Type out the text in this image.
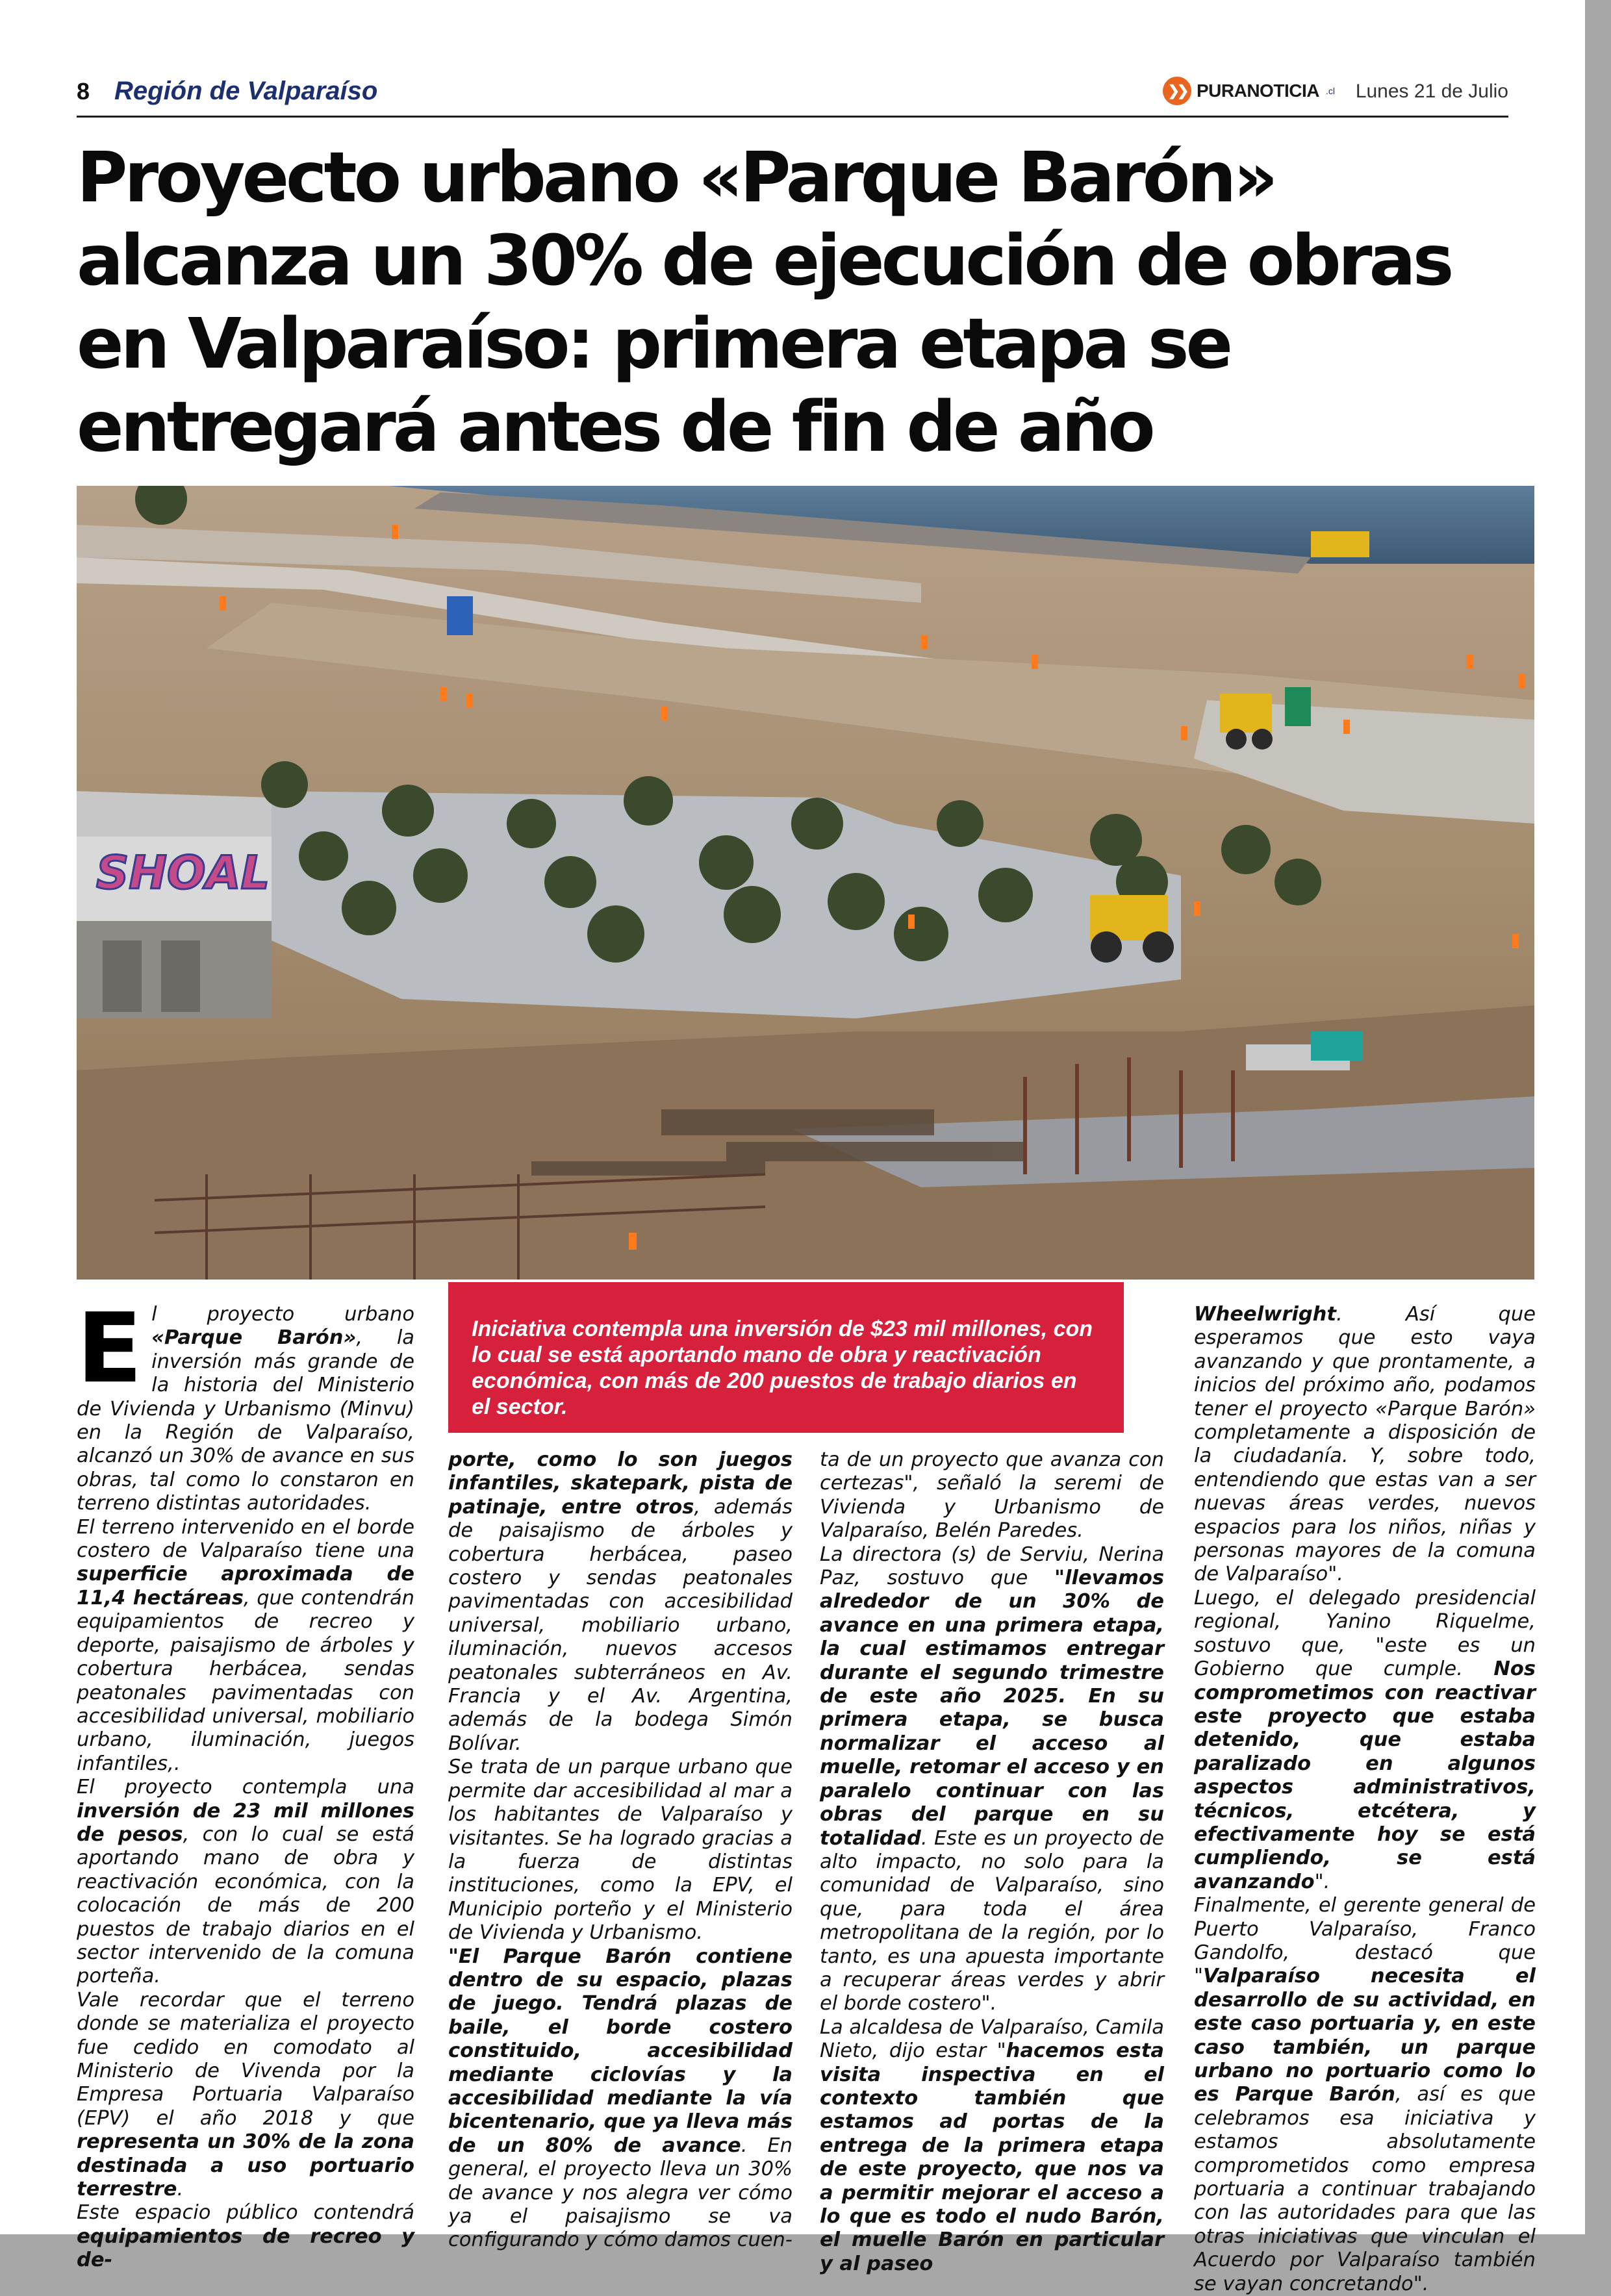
8 Región de Valparaíso	❯❯ PURANOTICIA .cl Lunes 21 de Julio
Proyecto urbano «Parque Barón» alcanza un 30% de ejecución de obras en Valparaíso: primera etapa se entregará antes de fin de año
SHOAL
E l proyecto urbano «Parque Barón», la inversión más grande de la historia del Ministerio de Vivienda y Urbanismo (Minvu) en la Región de Valparaíso, alcanzó un 30% de avance en sus obras, tal como lo constaron en terreno distintas autoridades.

El terreno intervenido en el borde costero de Valparaíso tiene una superficie aproximada de 11,4 hectáreas, que contendrán equipamientos de recreo y deporte, paisajismo de árboles y cobertura herbácea, sendas peatonales pavimentadas con accesibilidad universal, mobiliario urbano, iluminación, juegos infantiles,.

El proyecto contempla una inversión de 23 mil millones de pesos, con lo cual se está aportando mano de obra y reactivación económica, con la colocación de más de 200 puestos de trabajo diarios en el sector intervenido de la comuna porteña.

Vale recordar que el terreno donde se materializa el proyecto fue cedido en comodato al Ministerio de Vivenda por la Empresa Portuaria Valparaíso (EPV) el año 2018 y que representa un 30% de la zona destinada a uso portuario terrestre.

Este espacio público contendrá equipamientos de recreo y de-

porte, como lo son juegos infantiles, skatepark, pista de patinaje, entre otros, además de paisajismo de árboles y cobertura herbácea, paseo costero y sendas peatonales pavimentadas con accesibilidad universal, mobiliario urbano, iluminación, nuevos accesos peatonales subterráneos en Av. Francia y el Av. Argentina, además de la bodega Simón Bolívar.

Se trata de un parque urbano que permite dar accesibilidad al mar a los habitantes de Valparaíso y visitantes. Se ha logrado gracias a la fuerza de distintas instituciones, como la EPV, el Municipio porteño y el Ministerio de Vivienda y Urbanismo.

"El Parque Barón contiene dentro de su espacio, plazas de juego. Tendrá plazas de baile, el borde costero constituido, accesibilidad mediante ciclovías y la accesibilidad mediante la vía bicentenario, que ya lleva más de un 80% de avance. En general, el proyecto lleva un 30% de avance y nos alegra ver cómo ya el paisajismo se va configurando y cómo damos cuen-

ta de un proyecto que avanza con certezas", señaló la seremi de Vivienda y Urbanismo de Valparaíso, Belén Paredes.

La directora (s) de Serviu, Nerina Paz, sostuvo que "llevamos alrededor de un 30% de avance en una primera etapa, la cual estimamos entregar durante el segundo trimestre de este año 2025. En su primera etapa, se busca normalizar el acceso al muelle, retomar el acceso y en paralelo continuar con las obras del parque en su totalidad. Este es un proyecto de alto impacto, no solo para la comunidad de Valparaíso, sino que, para toda el área metropolitana de la región, por lo tanto, es una apuesta importante a recuperar áreas verdes y abrir el borde costero".

La alcaldesa de Valparaíso, Camila Nieto, dijo estar "hacemos esta visita inspectiva en el contexto también que estamos ad portas de la entrega de la primera etapa de este proyecto, que nos va a permitir mejorar el acceso a lo que es todo el nudo Barón, el muelle Barón en particular y al paseo

Wheelwright. Así que esperamos que esto vaya avanzando y que prontamente, a inicios del próximo año, podamos tener el proyecto «Parque Barón» completamente a disposición de la ciudadanía. Y, sobre todo, entendiendo que estas van a ser nuevas áreas verdes, nuevos espacios para los niños, niñas y personas mayores de la comuna de Valparaíso".

Luego, el delegado presidencial regional, Yanino Riquelme, sostuvo que, "este es un Gobierno que cumple. Nos comprometimos con reactivar este proyecto que estaba detenido, que estaba paralizado en algunos aspectos administrativos, técnicos, etcétera, y efectivamente hoy se está cumpliendo, se está avanzando".

Finalmente, el gerente general de Puerto Valparaíso, Franco Gandolfo, destacó que "Valparaíso necesita el desarrollo de su actividad, en este caso portuaria y, en este caso también, un parque urbano no portuario como lo es Parque Barón, así es que celebramos esa iniciativa y estamos absolutamente comprometidos como empresa portuaria a continuar trabajando con las autoridades para que las otras iniciativas que vinculan el Acuerdo por Valparaíso también se vayan concretando".

Iniciativa contempla una inversión de $23 mil millones, con lo cual se está aportando mano de obra y reactivación económica, con más de 200 puestos de trabajo diarios en el sector.
